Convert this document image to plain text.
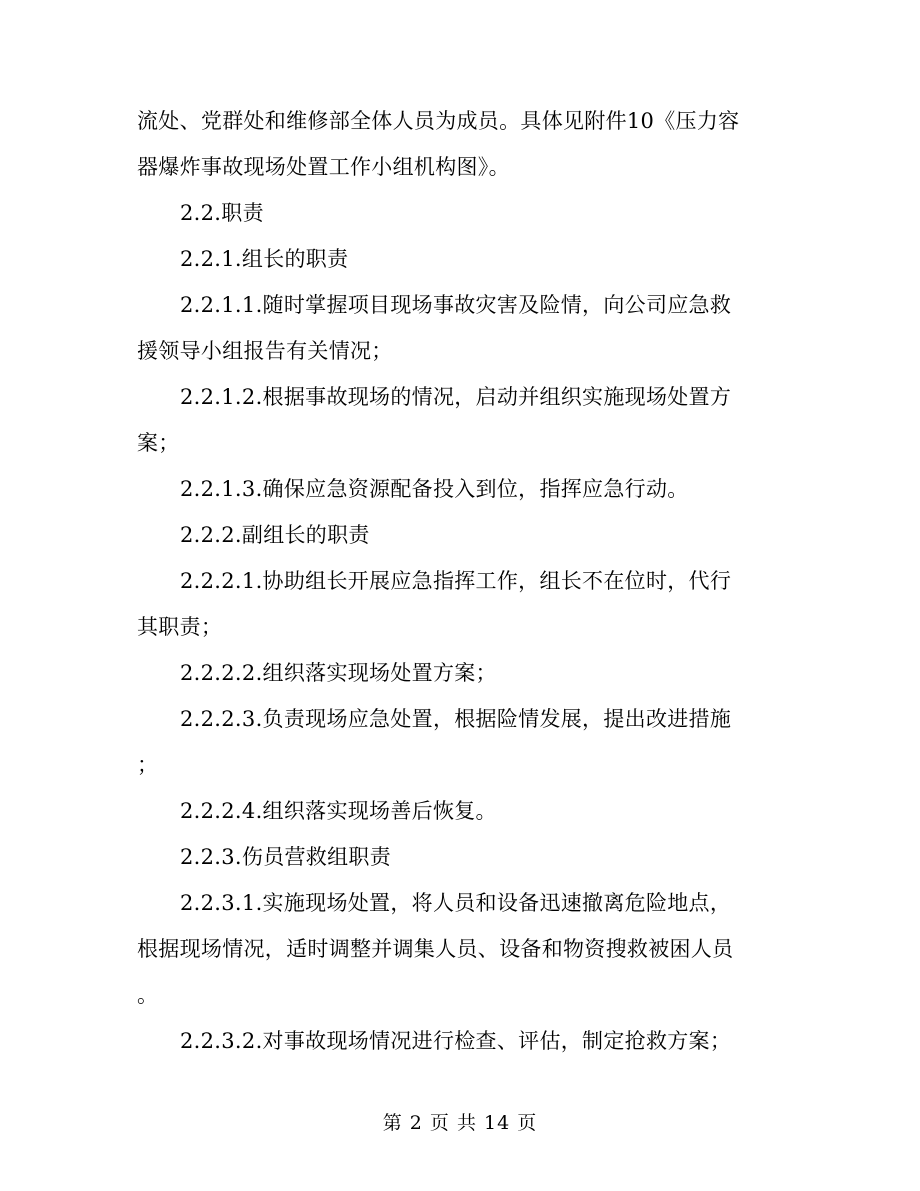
流处、党群处和维修部全体人员为成员。具体见附件10《压力容
器爆炸事故现场处置工作小组机构图》。
2.2.职责
2.2.1.组长的职责
2.2.1.1.随时掌握项目现场事故灾害及险情，向公司应急救
援领导小组报告有关情况；
2.2.1.2.根据事故现场的情况，启动并组织实施现场处置方
案；
2.2.1.3.确保应急资源配备投入到位，指挥应急行动。
2.2.2.副组长的职责
2.2.2.1.协助组长开展应急指挥工作，组长不在位时，代行
其职责；
2.2.2.2.组织落实现场处置方案；
2.2.2.3.负责现场应急处置，根据险情发展，提出改进措施
；
2.2.2.4.组织落实现场善后恢复。
2.2.3.伤员营救组职责
2.2.3.1.实施现场处置，将人员和设备迅速撤离危险地点，
根据现场情况，适时调整并调集人员、设备和物资搜救被困人员
。
2.2.3.2.对事故现场情况进行检查、评估，制定抢救方案；
第 2 页 共 14 页
